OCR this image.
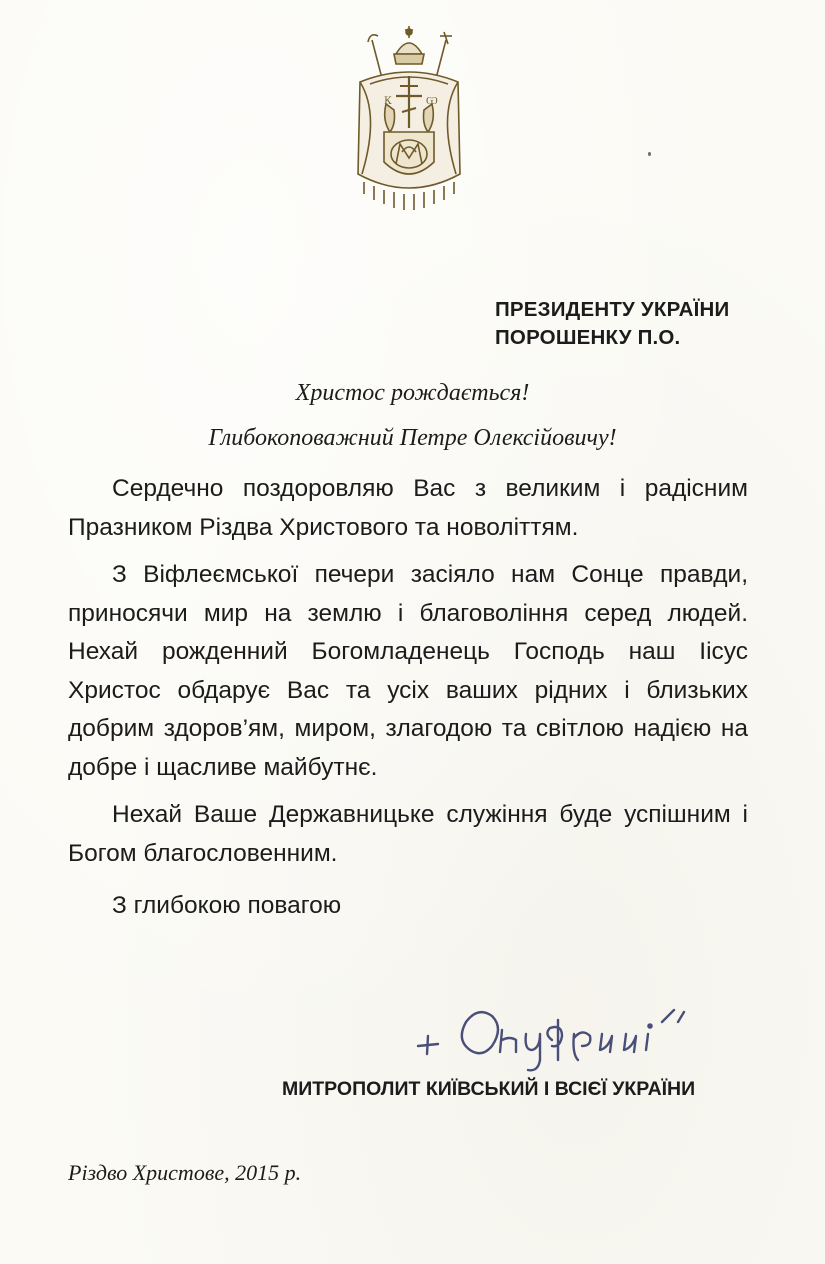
К	Ѡ
ПРЕЗИДЕНТУ УКРАЇНИ
ПОРОШЕНКУ П.О.
Христос рождається!
Глибокоповажний Петре Олексійовичу!

Сердечно поздоровляю Вас з великим і радісним Празником Різдва Христового та новоліттям.

З Віфлеємської печери засіяло нам Сонце правди, приносячи мир на землю і благовоління серед людей. Нехай рожденний Богомладенець Господь наш Іісус Христос обдарує Вас та усіх ваших рідних і близьких добрим здоров’ям, миром, злагодою та світлою надією на добре і щасливе майбутнє.

Нехай Ваше Державницьке служіння буде успішним і Богом благословенним.

З глибокою повагою
МИТРОПОЛИТ КИЇВСЬКИЙ І ВСІЄЇ УКРАЇНИ
Різдво Христове, 2015 р.
